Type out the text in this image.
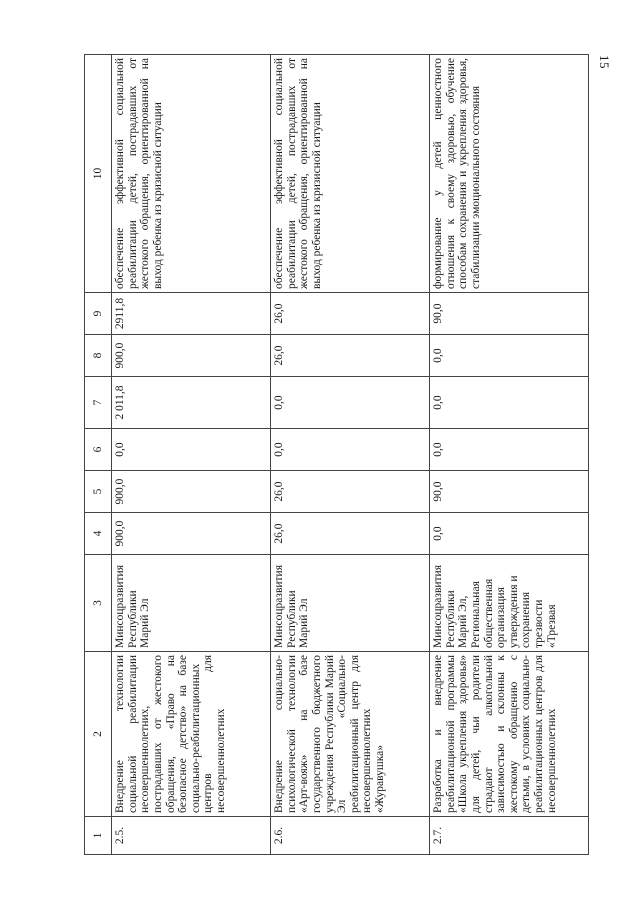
15
1	2	3	4	5	6	7	8	9	10
2.5.	Внедрение технологии социальной реабилитации несовершеннолетних, пострадавших от жестокого обращения, «Право на безопасное детство» на базе социально-реабилитационных центров для несовершеннолетних	Минсоцразвития Республики Марий Эл	900,0	900,0	0,0	2 011,8	900,0	2911,8	обеспечение эффективной социальной реабилитации детей, пострадавших от жестокого обращения, ориентированной на выход ребенка из кризисной ситуации
2.6.	Внедрение социально-психологической технологии «Арт-вояж» на базе государственного бюджетного учреждения Республики Марий Эл «Социально-реабилитационный центр для несовершеннолетних «Журавушка»	Минсоцразвития Республики Марий Эл	26,0	26,0	0,0	0,0	26,0	26,0	обеспечение эффективной социальной реабилитации детей, пострадавших от жестокого обращения, ориентированной на выход ребенка из кризисной ситуации
2.7.	Разработка и внедрение реабилитационной программы «Школа укрепления здоровья» для детей, чьи родители страдают алкогольной зависимостью и склонны к жестокому обращению с детьми, в условиях социально-реабилитационных центров для несовершеннолетних	Минсоцразвития Республики Марий Эл, Региональная общественная организация утверждения и сохранения трезвости «Трезвая	0,0	90,0	0,0	0,0	0,0	90,0	формирование у детей ценностного отношения к своему здоровью, обучение способам сохранения и укрепления здоровья, стабилизации эмоционального состояния
